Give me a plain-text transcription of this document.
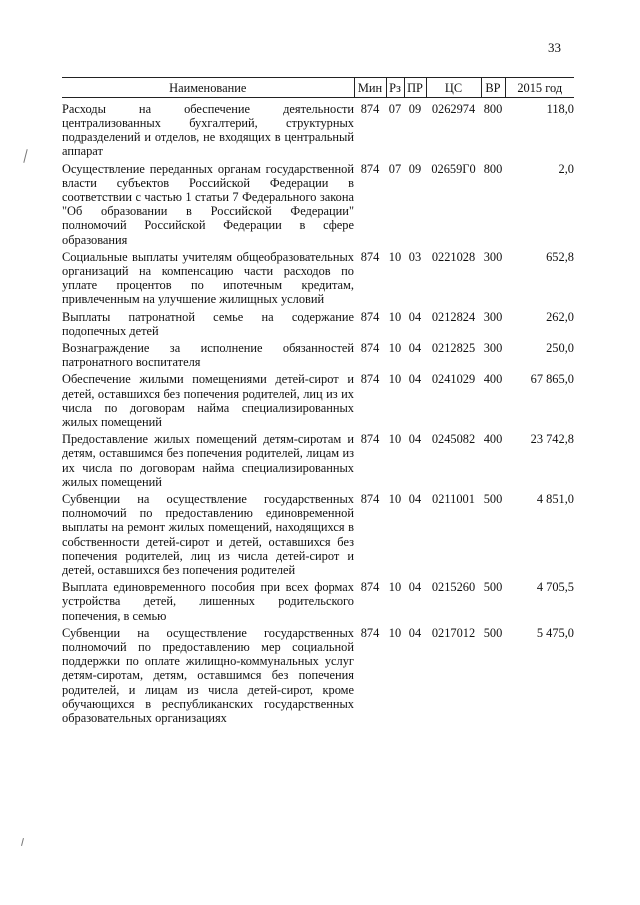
33
Наименование	Мин	Рз	ПР	ЦС	ВР	2015 год

Расходы на обеспечение деятельности централизованных бухгалтерий, структурных подразделений и отделов, не входящих в центральный аппарат	874	07	09	0262974	800	118,0
Осуществление переданных органам государственной власти субъектов Российской Федерации в соответствии с частью 1 статьи 7 Федерального закона "Об образовании в Российской Федерации" полномочий Российской Федерации в сфере образования	874	07	09	02659Г0	800	2,0
Социальные выплаты учителям общеобразовательных организаций на компенсацию части расходов по уплате процентов по ипотечным кредитам, привлеченным на улучшение жилищных условий	874	10	03	0221028	300	652,8
Выплаты патронатной семье на содержание подопечных детей	874	10	04	0212824	300	262,0
Вознаграждение за исполнение обязанностей патронатного воспитателя	874	10	04	0212825	300	250,0
Обеспечение жилыми помещениями детей-сирот и детей, оставшихся без попечения родителей, лиц из их числа по договорам найма специализированных жилых помещений	874	10	04	0241029	400	67 865,0
Предоставление жилых помещений детям-сиротам и детям, оставшимся без попечения родителей, лицам из их числа по договорам найма специализированных жилых помещений	874	10	04	0245082	400	23 742,8
Субвенции на осуществление государственных полномочий по предоставлению единовременной выплаты на ремонт жилых помещений, находящихся в собственности детей-сирот и детей, оставшихся без попечения родителей, лиц из числа детей-сирот и детей, оставшихся без попечения родителей	874	10	04	0211001	500	4 851,0
Выплата единовременного пособия при всех формах устройства детей, лишенных родительского попечения, в семью	874	10	04	0215260	500	4 705,5
Субвенции на осуществление государственных полномочий по предоставлению мер социальной поддержки по оплате жилищно-коммунальных услуг детям-сиротам, детям, оставшимся без попечения родителей, и лицам из числа детей-сирот, кроме обучающихся в республиканских государственных образовательных организациях	874	10	04	0217012	500	5 475,0
